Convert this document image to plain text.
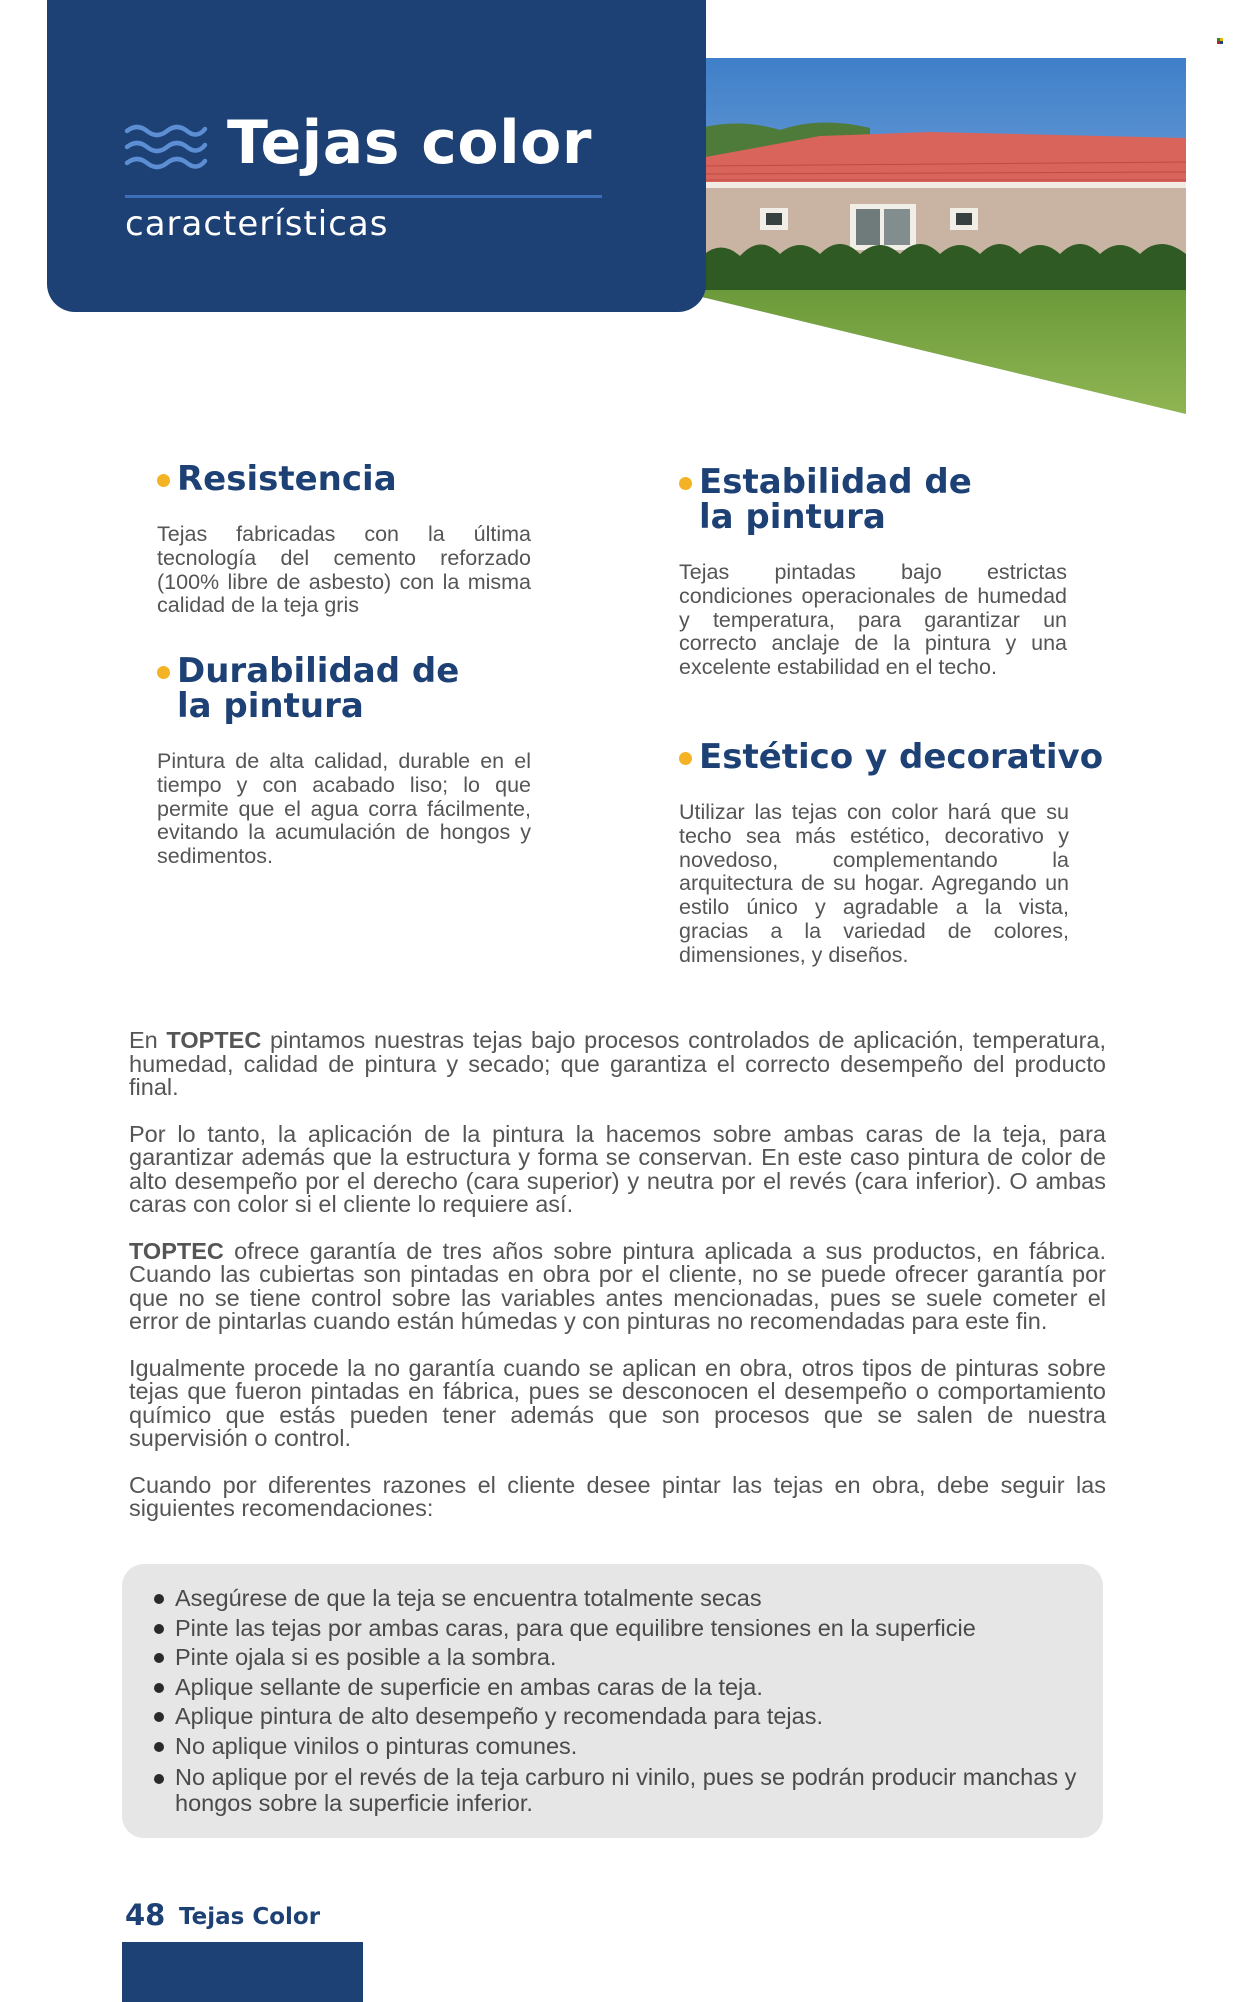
Tejas color

características

Resistencia

Tejas fabricadas con la última tecnología del cemento reforzado (100% libre de asbesto) con la misma calidad de la teja gris

Durabilidad de
la pintura

Pintura de alta calidad, durable en el tiempo y con acabado liso; lo que permite que el agua corra fácilmente, evitando la acumulación de hongos y sedimentos.

Estabilidad de
la pintura

Tejas pintadas bajo estrictas condiciones operacionales de humedad y temperatura, para garantizar un correcto anclaje de la pintura y una excelente estabilidad en el techo.

Estético y decorativo

Utilizar las tejas con color hará que su techo sea más estético, decorativo y novedoso, complementando la arquitectura de su hogar. Agregando un estilo único y agradable a la vista, gracias a la variedad de colores, dimensiones, y diseños.

En TOPTEC pintamos nuestras tejas bajo procesos controlados de aplicación, temperatura, humedad, calidad de pintura y secado; que garantiza el correcto desempeño del producto final.

Por lo tanto, la aplicación de la pintura la hacemos sobre ambas caras de la teja, para garantizar además que la estructura y forma se conservan. En este caso pintura de color de alto desempeño por el derecho (cara superior) y neutra por el revés (cara inferior). O ambas caras con color si el cliente lo requiere así.

TOPTEC ofrece garantía de tres años sobre pintura aplicada a sus productos, en fábrica. Cuando las cubiertas son pintadas en obra por el cliente, no se puede ofrecer garantía por que no se tiene control sobre las variables antes mencionadas, pues se suele cometer el error de pintarlas cuando están húmedas y con pinturas no recomendadas para este fin.

Igualmente procede la no garantía cuando se aplican en obra, otros tipos de pinturas sobre tejas que fueron pintadas en fábrica, pues se desconocen el desempeño o comportamiento químico que estás pueden tener además que son procesos que se salen de nuestra supervisión o control.

Cuando por diferentes razones el cliente desee pintar las tejas en obra, debe seguir las siguientes recomendaciones:

Asegúrese de que la teja se encuentra totalmente secas
Pinte las tejas por ambas caras, para que equilibre tensiones en la superficie
Pinte ojala si es posible a la sombra.
Aplique sellante de superficie en ambas caras de la teja.
Aplique pintura de alto desempeño y recomendada para tejas.
No aplique vinilos o pinturas comunes.
No aplique por el revés de la teja carburo ni vinilo, pues se podrán producir manchas y hongos sobre la superficie inferior.
48 Tejas Color
